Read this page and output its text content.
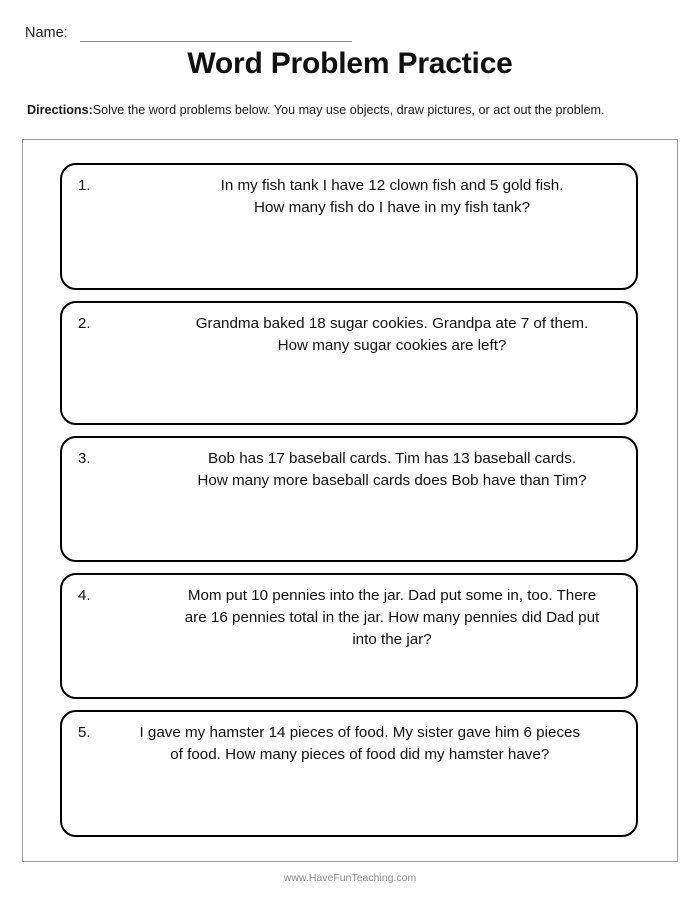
Name:
Word Problem Practice
Directions:Solve the word problems below. You may use objects, draw pictures, or act out the problem.
1.	In my fish tank I have 12 clown fish and 5 gold fish.
How many fish do I have in my fish tank?
2.	Grandma baked 18 sugar cookies. Grandpa ate 7 of them.
How many sugar cookies are left?
3.	Bob has 17 baseball cards. Tim has 13 baseball cards.
How many more baseball cards does Bob have than Tim?
4.	Mom put 10 pennies into the jar. Dad put some in, too. There
are 16 pennies total in the jar. How many pennies did Dad put
into the jar?
5.	I gave my hamster 14 pieces of food. My sister gave him 6 pieces
of food. How many pieces of food did my hamster have?
www.HaveFunTeaching.com
